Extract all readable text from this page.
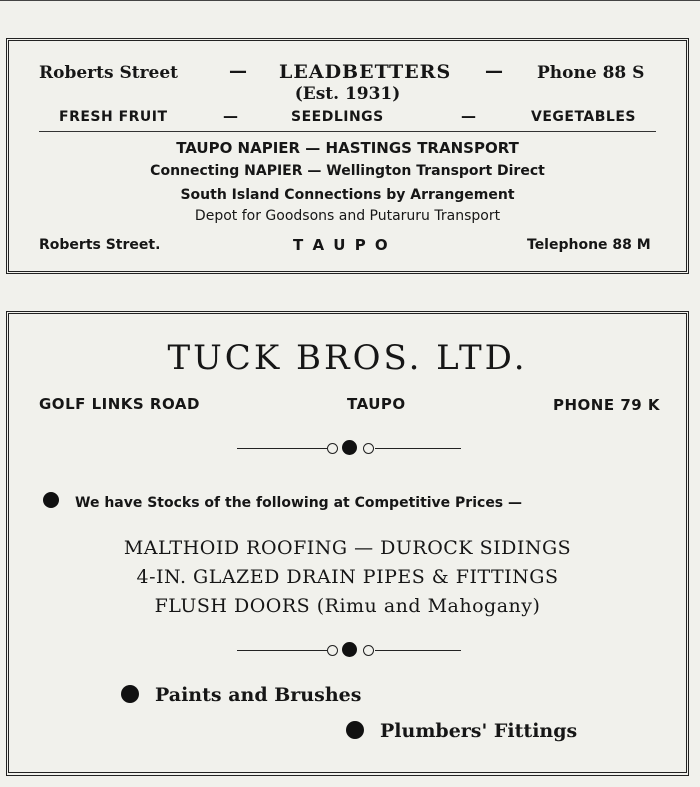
Roberts Street	— LEADBETTERS — Phone 88 S
(Est. 1931)
FRESH FRUIT	—	SEEDLINGS	—	VEGETABLES
TAUPO NAPIER — HASTINGS TRANSPORT
Connecting NAPIER — Wellington Transport Direct
South Island Connections by Arrangement
Depot for Goodsons and Putaruru Transport
Roberts Street.	T A U P O	Telephone 88 M
TUCK BROS. LTD.
GOLF LINKS ROAD	TAUPO	PHONE 79 K
We have Stocks of the following at Competitive Prices —
MALTHOID ROOFING — DUROCK SIDINGS
4-IN. GLAZED DRAIN PIPES & FITTINGS
FLUSH DOORS (Rimu and Mahogany)
Paints and Brushes
Plumbers' Fittings
